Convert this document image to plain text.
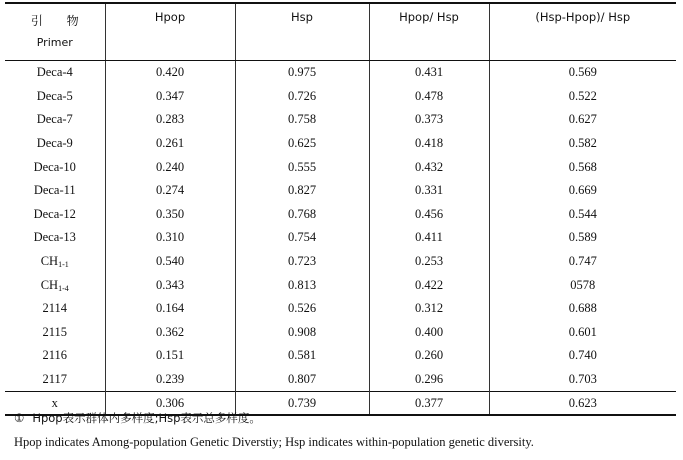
引 物
Primer	Hpop	Hsp	Hpop/ Hsp	(Hsp-Hpop)/ Hsp
Deca-4	0.420	0.975	0.431	0.569
Deca-5	0.347	0.726	0.478	0.522
Deca-7	0.283	0.758	0.373	0.627
Deca-9	0.261	0.625	0.418	0.582
Deca-10	0.240	0.555	0.432	0.568
Deca-11	0.274	0.827	0.331	0.669
Deca-12	0.350	0.768	0.456	0.544
Deca-13	0.310	0.754	0.411	0.589
$CH_{1-1}$	0.540	0.723	0.253	0.747
$CH_{1-4}$	0.343	0.813	0.422	0578
2114	0.164	0.526	0.312	0.688
2115	0.362	0.908	0.400	0.601
2116	0.151	0.581	0.260	0.740
2117	0.239	0.807	0.296	0.703
x	0.306	0.739	0.377	0.623
① Hpop表示群体内多样度;Hsp表示总多样度。
Hpop indicates Among-population Genetic Diverstiy; Hsp indicates within-population genetic diversity.
